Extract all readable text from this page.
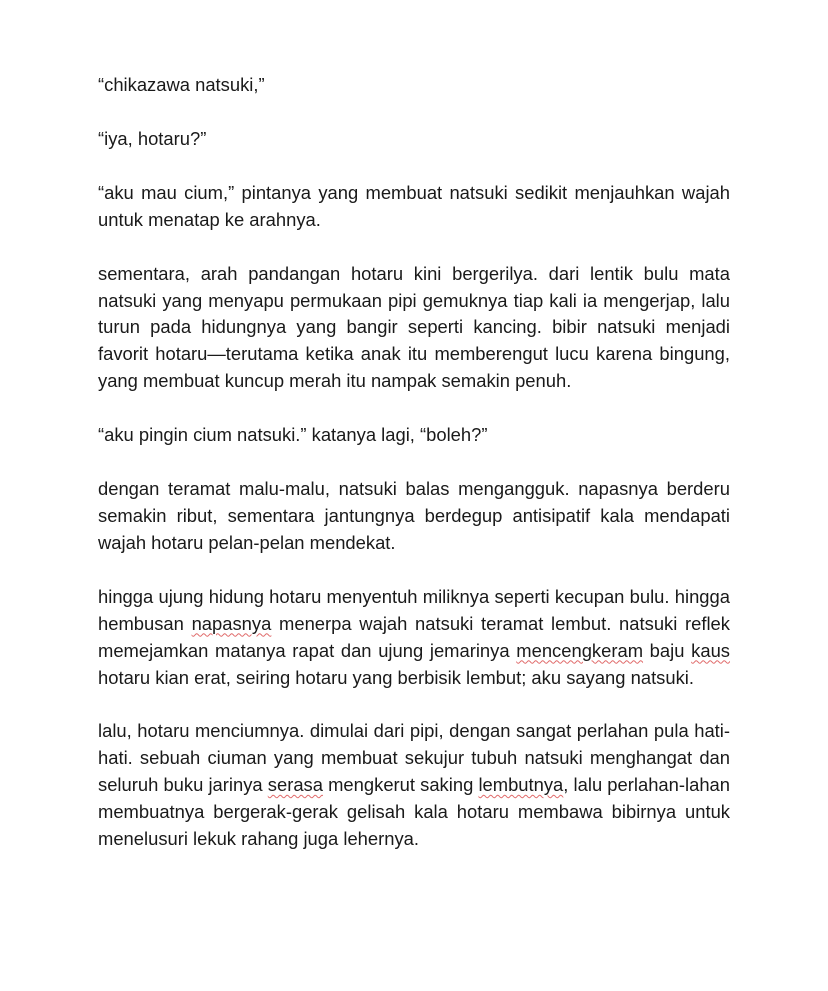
“chikazawa natsuki,”

“iya, hotaru?”

“aku mau cium,” pintanya yang membuat natsuki sedikit menjauhkan wajah untuk menatap ke arahnya.

sementara, arah pandangan hotaru kini bergerilya. dari lentik bulu mata natsuki yang menyapu permukaan pipi gemuknya tiap kali ia mengerjap, lalu turun pada hidungnya yang bangir seperti kancing. bibir natsuki menjadi favorit hotaru—terutama ketika anak itu memberengut lucu karena bingung, yang membuat kuncup merah itu nampak semakin penuh.

“aku pingin cium natsuki.” katanya lagi, “boleh?”

dengan teramat malu-malu, natsuki balas mengangguk. napasnya berderu semakin ribut, sementara jantungnya berdegup antisipatif kala mendapati wajah hotaru pelan-pelan mendekat.

hingga ujung hidung hotaru menyentuh miliknya seperti kecupan bulu. hingga hembusan napasnya menerpa wajah natsuki teramat lembut. natsuki reflek memejamkan matanya rapat dan ujung jemarinya mencengkeram baju kaus hotaru kian erat, seiring hotaru yang berbisik lembut; aku sayang natsuki.

lalu, hotaru menciumnya. dimulai dari pipi, dengan sangat perlahan pula hati-hati. sebuah ciuman yang membuat sekujur tubuh natsuki menghangat dan seluruh buku jarinya serasa mengkerut saking lembutnya, lalu perlahan-lahan membuatnya bergerak-gerak gelisah kala hotaru membawa bibirnya untuk menelusuri lekuk rahang juga lehernya.
